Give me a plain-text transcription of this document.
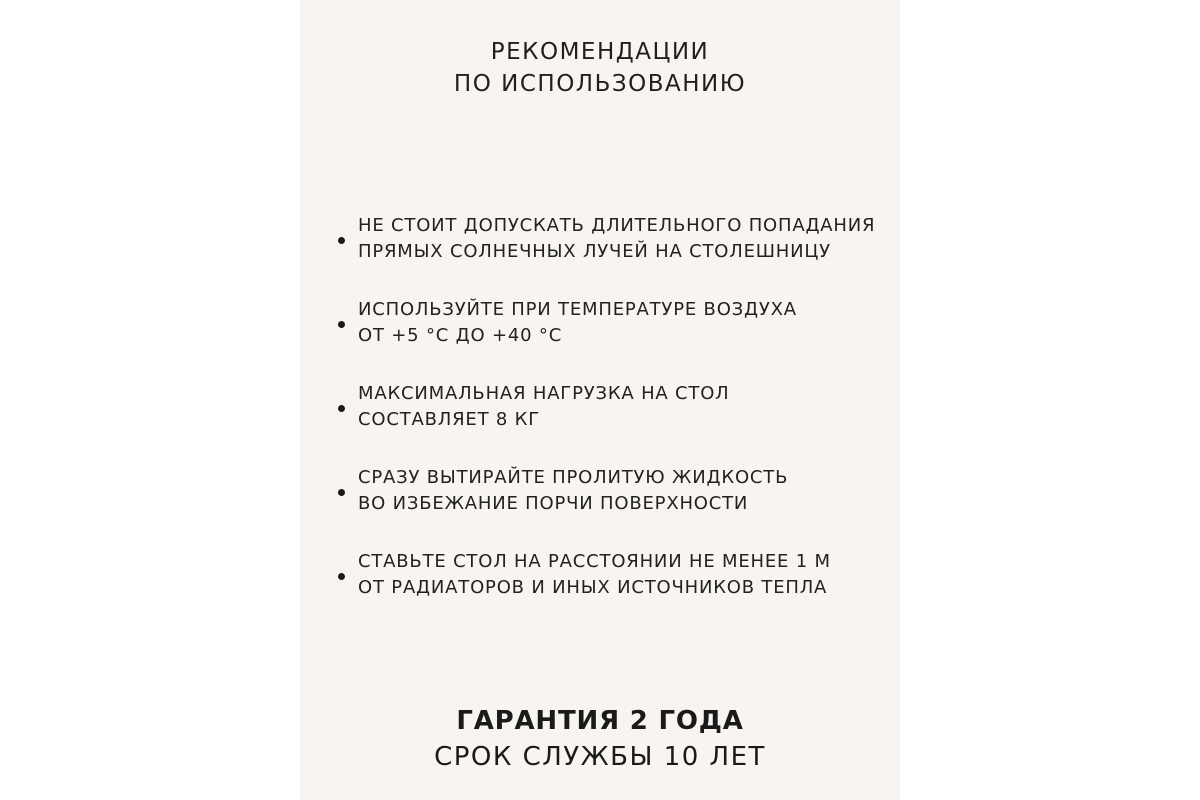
РЕКОМЕНДАЦИИ
ПО ИСПОЛЬЗОВАНИЮ
НЕ СТОИТ ДОПУСКАТЬ ДЛИТЕЛЬНОГО ПОПАДАНИЯ
ПРЯМЫХ СОЛНЕЧНЫХ ЛУЧЕЙ НА СТОЛЕШНИЦУ
ИСПОЛЬЗУЙТЕ ПРИ ТЕМПЕРАТУРЕ ВОЗДУХА
ОТ +5 °С ДО +40 °С
МАКСИМАЛЬНАЯ НАГРУЗКА НА СТОЛ
СОСТАВЛЯЕТ 8 КГ
СРАЗУ ВЫТИРАЙТЕ ПРОЛИТУЮ ЖИДКОСТЬ
ВО ИЗБЕЖАНИЕ ПОРЧИ ПОВЕРХНОСТИ
СТАВЬТЕ СТОЛ НА РАССТОЯНИИ НЕ МЕНЕЕ 1 М
ОТ РАДИАТОРОВ И ИНЫХ ИСТОЧНИКОВ ТЕПЛА
ГАРАНТИЯ 2 ГОДА
СРОК СЛУЖБЫ 10 ЛЕТ
